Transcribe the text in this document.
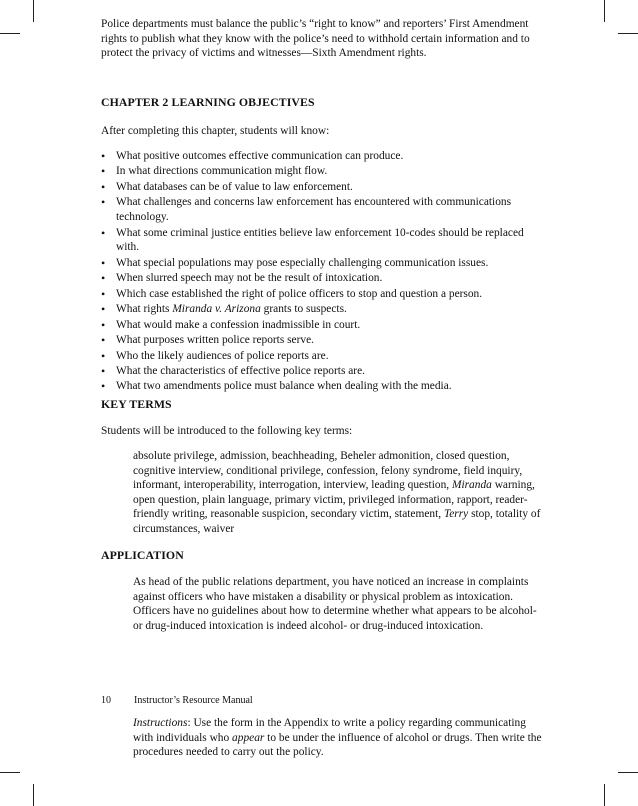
Police departments must balance the public’s “right to know” and reporters’ First Amendment rights to publish what they know with the police’s need to withhold certain information and to protect the privacy of victims and witnesses—Sixth Amendment rights.

CHAPTER 2 LEARNING OBJECTIVES

After completing this chapter, students will know:

• What positive outcomes effective communication can produce.
• In what directions communication might flow.
• What databases can be of value to law enforcement.
• What challenges and concerns law enforcement has encountered with communications technology.
• What some criminal justice entities believe law enforcement 10-codes should be replaced with.
• What special populations may pose especially challenging communication issues.
• When slurred speech may not be the result of intoxication.
• Which case established the right of police officers to stop and question a person.
• What rights Miranda v. Arizona grants to suspects.
• What would make a confession inadmissible in court.
• What purposes written police reports serve.
• Who the likely audiences of police reports are.
• What the characteristics of effective police reports are.
• What two amendments police must balance when dealing with the media.
KEY TERMS

Students will be introduced to the following key terms:

absolute privilege, admission, beachheading, Beheler admonition, closed question, cognitive interview, conditional privilege, confession, felony syndrome, field inquiry, informant, interoperability, interrogation, interview, leading question, Miranda warning, open question, plain language, primary victim, privileged information, rapport, reader-friendly writing, reasonable suspicion, secondary victim, statement, Terry stop, totality of circumstances, waiver

APPLICATION

As head of the public relations department, you have noticed an increase in complaints against officers who have mistaken a disability or physical problem as intoxication. Officers have no guidelines about how to determine whether what appears to be alcohol- or drug-induced intoxication is indeed alcohol- or drug-induced intoxication.

10 Instructor’s Resource Manual

Instructions: Use the form in the Appendix to write a policy regarding communicating with individuals who appear to be under the influence of alcohol or drugs. Then write the procedures needed to carry out the policy.
